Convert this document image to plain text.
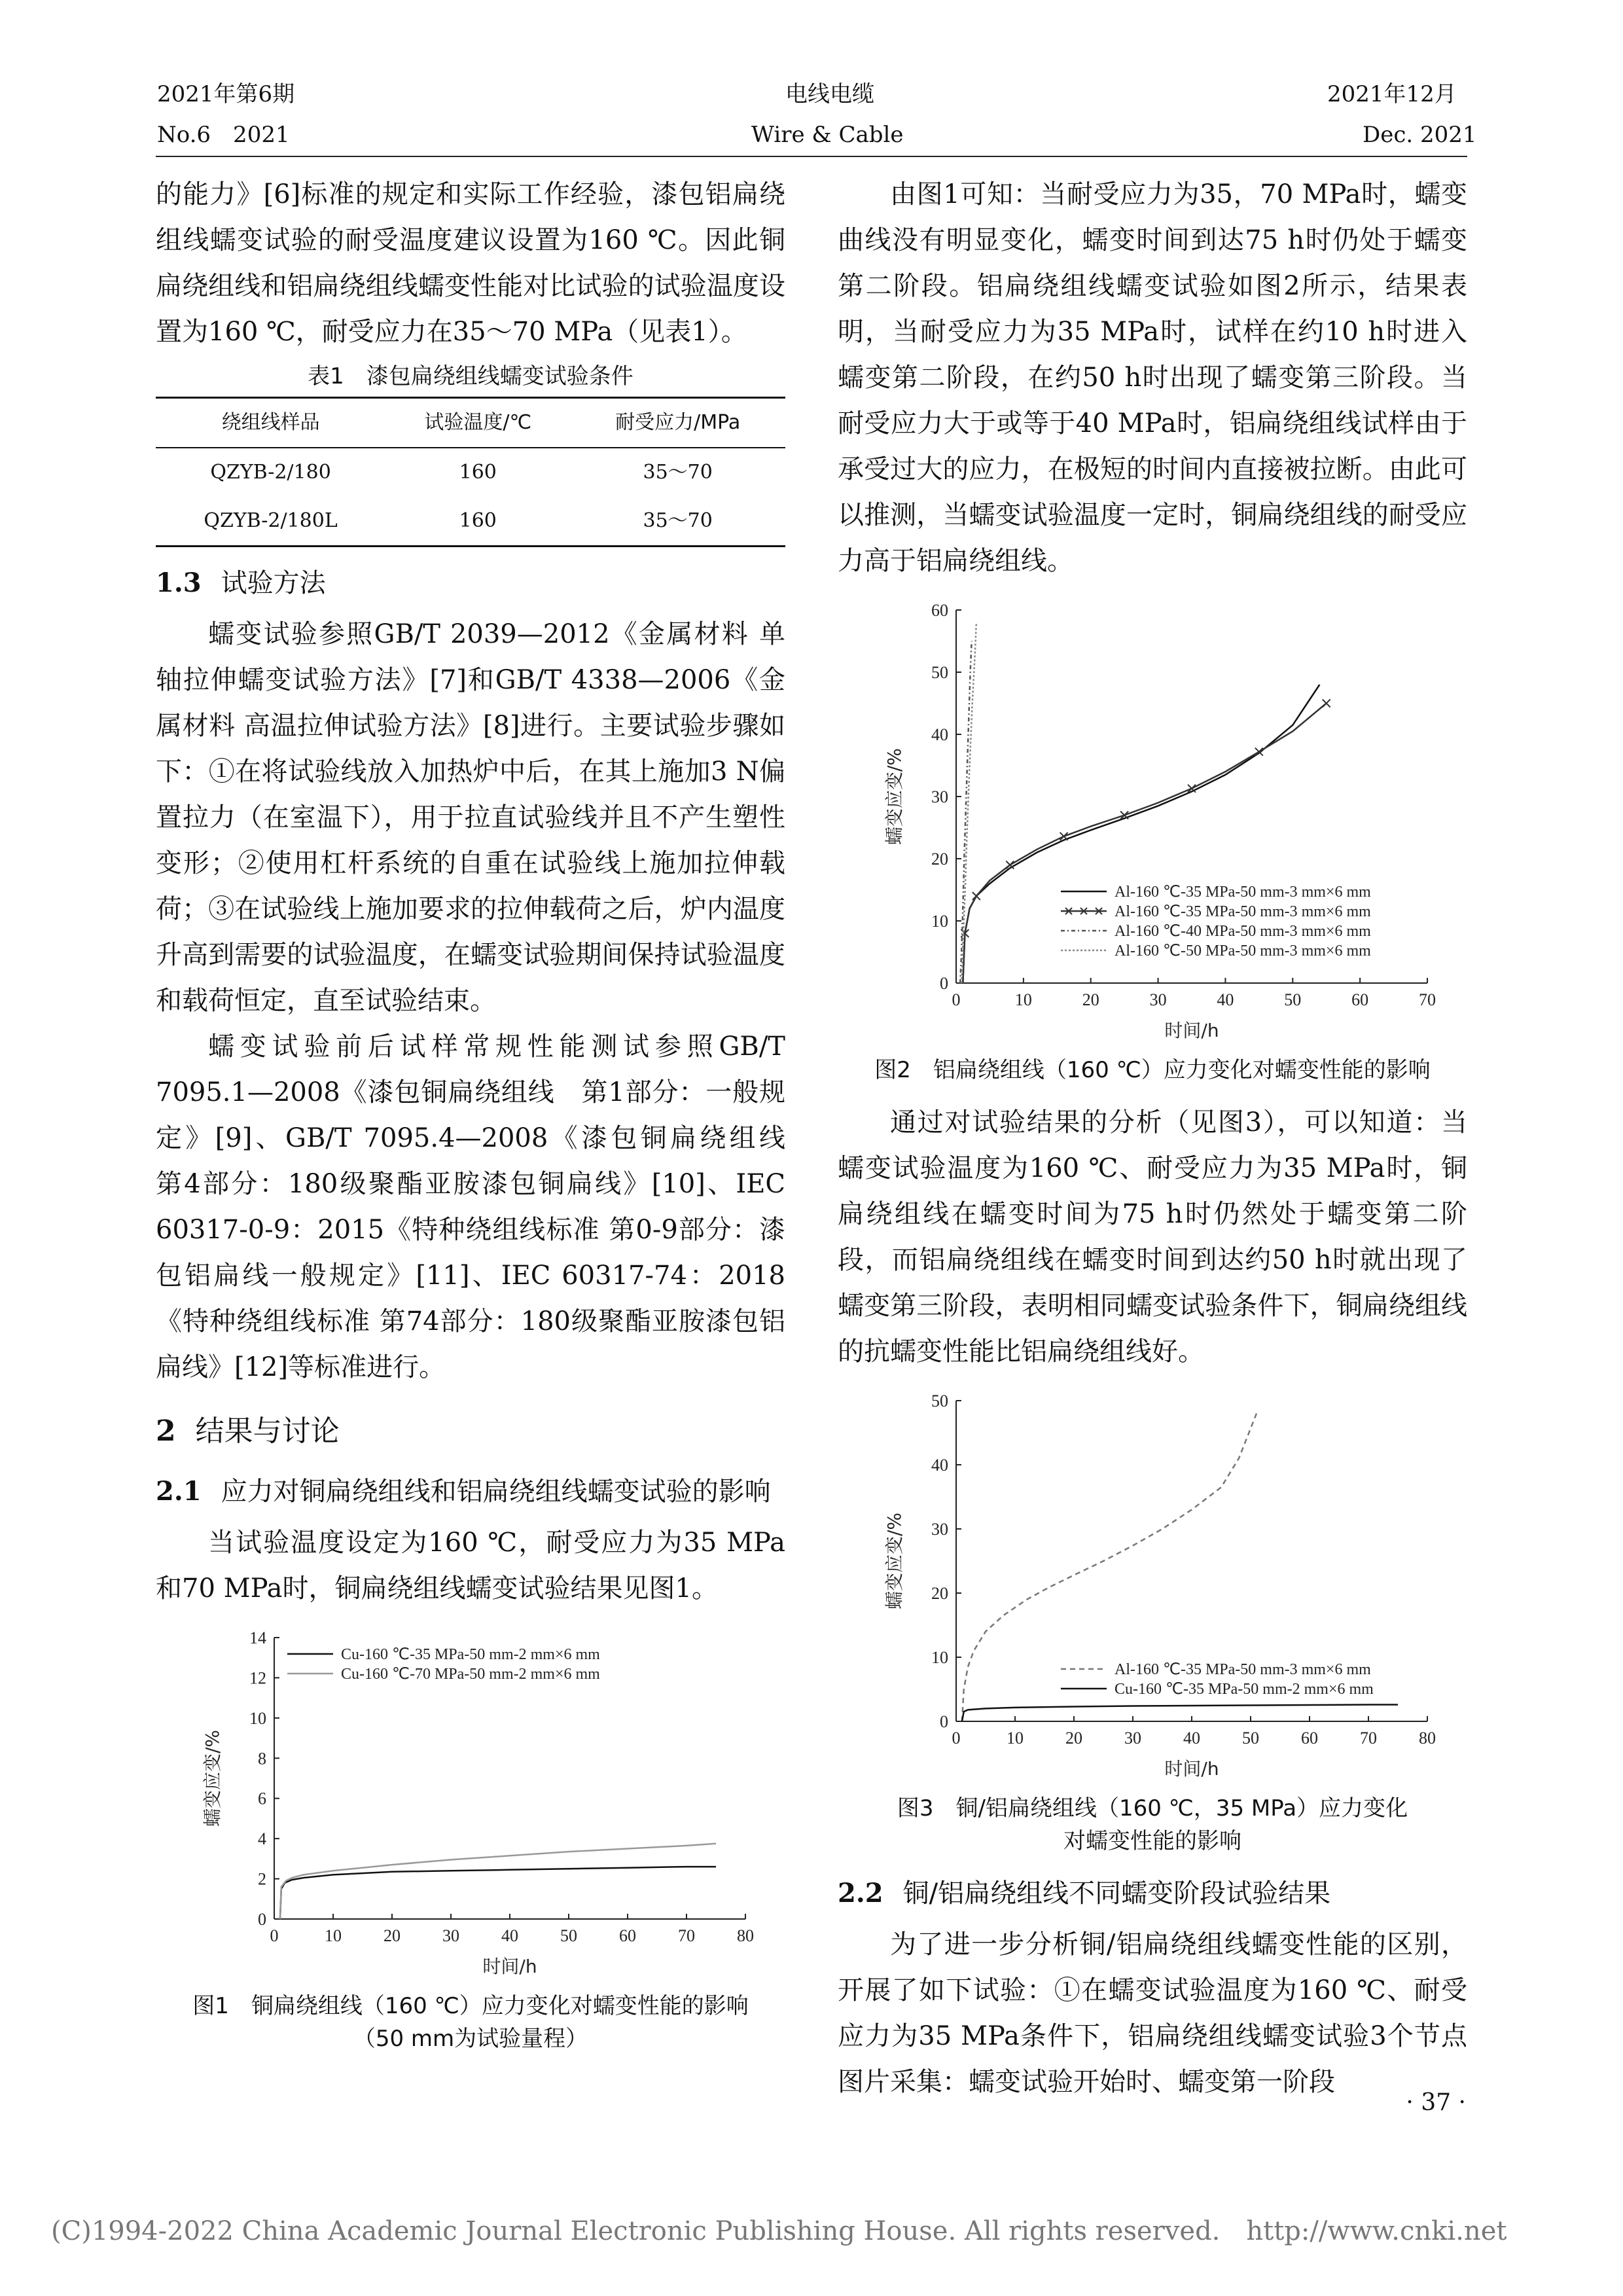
2021年第6期
No.6　2021
电线电缆
Wire & Cable
2021年12月
Dec. 2021

的能力》[6]标准的规定和实际工作经验，漆包铝扁绕组线蠕变试验的耐受温度建议设置为160 ℃。因此铜扁绕组线和铝扁绕组线蠕变性能对比试验的试验温度设置为160 ℃，耐受应力在35～70 MPa（见表1）。

表1　漆包扁绕组线蠕变试验条件
绕组线样品	试验温度/℃	耐受应力/MPa
QZYB-2/180	160	35～70
QZYB-2/180L	160	35～70
1.3 试验方法

蠕变试验参照GB/T 2039—2012《金属材料 单轴拉伸蠕变试验方法》[7]和GB/T 4338—2006《金属材料 高温拉伸试验方法》[8]进行。主要试验步骤如下：①在将试验线放入加热炉中后，在其上施加3 N偏置拉力（在室温下），用于拉直试验线并且不产生塑性变形；②使用杠杆系统的自重在试验线上施加拉伸载荷；③在试验线上施加要求的拉伸载荷之后，炉内温度升高到需要的试验温度，在蠕变试验期间保持试验温度和载荷恒定，直至试验结束。

蠕变试验前后试样常规性能测试参照GB/T 7095.1—2008《漆包铜扁绕组线　第1部分：一般规定》[9]、GB/T 7095.4—2008《漆包铜扁绕组线　第4部分：180级聚酯亚胺漆包铜扁线》[10]、IEC 60317-0-9：2015《特种绕组线标准 第0-9部分：漆包铝扁线一般规定》[11]、IEC 60317-74：2018《特种绕组线标准 第74部分：180级聚酯亚胺漆包铝扁线》[12]等标准进行。

2 结果与讨论
2.1 应力对铜扁绕组线和铝扁绕组线蠕变试验的影响

当试验温度设定为160 ℃，耐受应力为35 MPa和70 MPa时，铜扁绕组线蠕变试验结果见图1。

0	10 20 30 40 50 60 70 80
0
2
4
6
8
10
12
14
时间/h
蠕变应变/%
Cu-160 ℃-35 MPa-50 mm-2 mm×6 mm
Cu-160 ℃-70 MPa-50 mm-2 mm×6 mm
图1　铜扁绕组线（160 ℃）应力变化对蠕变性能的影响
（50 mm为试验量程）

由图1可知：当耐受应力为35，70 MPa时，蠕变曲线没有明显变化，蠕变时间到达75 h时仍处于蠕变第二阶段。铝扁绕组线蠕变试验如图2所示，结果表明，当耐受应力为35 MPa时，试样在约10 h时进入蠕变第二阶段，在约50 h时出现了蠕变第三阶段。当耐受应力大于或等于40 MPa时，铝扁绕组线试样由于承受过大的应力，在极短的时间内直接被拉断。由此可以推测，当蠕变试验温度一定时，铜扁绕组线的耐受应力高于铝扁绕组线。

0	10	20	30	40	50	60	70
0
10
20
30
40
50
60
时间/h
蠕变应变/%
Al-160 ℃-35 MPa-50 mm-3 mm×6 mm
Al-160 ℃-35 MPa-50 mm-3 mm×6 mm
Al-160 ℃-40 MPa-50 mm-3 mm×6 mm
Al-160 ℃-50 MPa-50 mm-3 mm×6 mm
图2　铝扁绕组线（160 ℃）应力变化对蠕变性能的影响

通过对试验结果的分析（见图3），可以知道：当蠕变试验温度为160 ℃、耐受应力为35 MPa时，铜扁绕组线在蠕变时间为75 h时仍然处于蠕变第二阶段，而铝扁绕组线在蠕变时间到达约50 h时就出现了蠕变第三阶段，表明相同蠕变试验条件下，铜扁绕组线的抗蠕变性能比铝扁绕组线好。

0	10 20 30 40 50 60 70 80
0
10
20
30
40
50
时间/h
蠕变应变/%
Al-160 ℃-35 MPa-50 mm-3 mm×6 mm
Cu-160 ℃-35 MPa-50 mm-2 mm×6 mm
图3　铜/铝扁绕组线（160 ℃，35 MPa）应力变化
对蠕变性能的影响
2.2 铜/铝扁绕组线不同蠕变阶段试验结果

为了进一步分析铜/铝扁绕组线蠕变性能的区别，开展了如下试验：①在蠕变试验温度为160 ℃、耐受应力为35 MPa条件下，铝扁绕组线蠕变试验3个节点图片采集：蠕变试验开始时、蠕变第一阶段

· 37 ·
(C)1994-2022 China Academic Journal Electronic Publishing House. All rights reserved.　http://www.cnki.net
